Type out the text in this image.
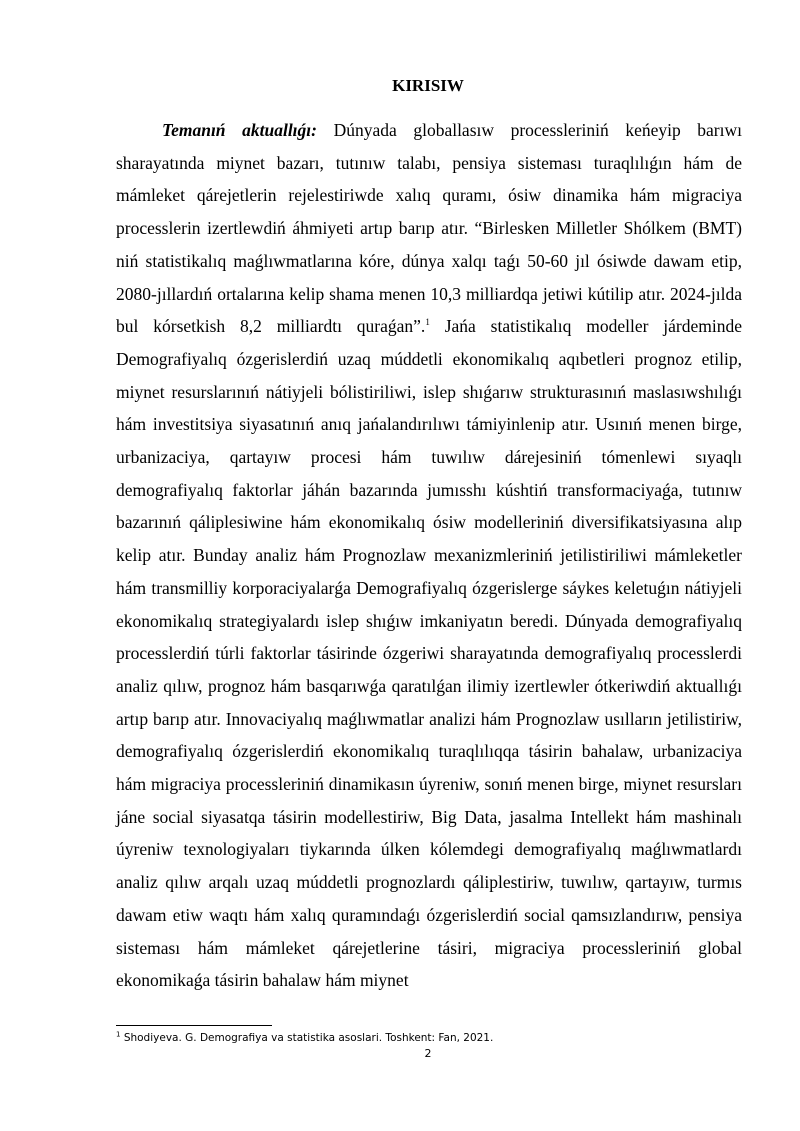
KIRISIW

Temanıń aktuallıǵı: Dúnyada globallasıw processleriniń keńeyip barıwı sharayatında miynet bazarı, tutınıw talabı, pensiya sisteması turaqlılıǵın hám de mámleket qárejetlerin rejelestiriwde xalıq quramı, ósiw dinamika hám migraciya processlerin izertlewdiń áhmiyeti artıp barıp atır. “Birlesken Milletler Shólkem (BMT) niń statistikalıq maǵlıwmatlarına kóre, dúnya xalqı taǵı 50-60 jıl ósiwde dawam etip, 2080-jıllardıń ortalarına kelip shama menen 10,3 milliardqa jetiwi kútilip atır. 2024-jılda bul kórsetkish 8,2 milliardtı quraǵan”.$^1$ Jańa statistikalıq modeller járdeminde Demografiyalıq ózgerislerdiń uzaq múddetli ekonomikalıq aqıbetleri prognoz etilip, miynet resurslarınıń nátiyjeli bólistiriliwi, islep shıǵarıw strukturasınıń maslasıwshılıǵı hám investitsiya siyasatınıń anıq jańalandırılıwı támiyinlenip atır. Usınıń menen birge, urbanizaciya, qartayıw procesi hám tuwılıw dárejesiniń tómenlewi sıyaqlı demografiyalıq faktorlar jáhán bazarında jumısshı kúshtiń transformaciyaǵa, tutınıw bazarınıń qáliplesiwine hám ekonomikalıq ósiw modelleriniń diversifikatsiyasına alıp kelip atır. Bunday analiz hám Prognozlaw mexanizmleriniń jetilistiriliwi mámleketler hám transmilliy korporaciyalarǵa Demografiyalıq ózgerislerge sáykes keletuǵın nátiyjeli ekonomikalıq strategiyalardı islep shıǵıw imkaniyatın beredi. Dúnyada demografiyalıq processlerdiń túrli faktorlar tásirinde ózgeriwi sharayatında demografiyalıq processlerdi analiz qılıw, prognoz hám basqarıwǵa qaratılǵan ilimiy izertlewler ótkeriwdiń aktuallıǵı artıp barıp atır. Innovaciyalıq maǵlıwmatlar analizi hám Prognozlaw usılların jetilistiriw, demografiyalıq ózgerislerdiń ekonomikalıq turaqlılıqqa tásirin bahalaw, urbanizaciya hám migraciya processleriniń dinamikasın úyreniw, sonıń menen birge, miynet resursları jáne social siyasatqa tásirin modellestiriw, Big Data, jasalma Intellekt hám mashinalı úyreniw texnologiyaları tiykarında úlken kólemdegi demografiyalıq maǵlıwmatlardı analiz qılıw arqalı uzaq múddetli prognozlardı qáliplestiriw, tuwılıw, qartayıw, turmıs dawam etiw waqtı hám xalıq quramındaǵı ózgerislerdiń social qamsızlandırıw, pensiya sisteması hám mámleket qárejetlerine tásiri, migraciya processleriniń global ekonomikaǵa tásirin bahalaw hám miynet

$^1$ Shodiyeva. G. Demografiya va statistika asoslari. Toshkent: Fan, 2021.
2
